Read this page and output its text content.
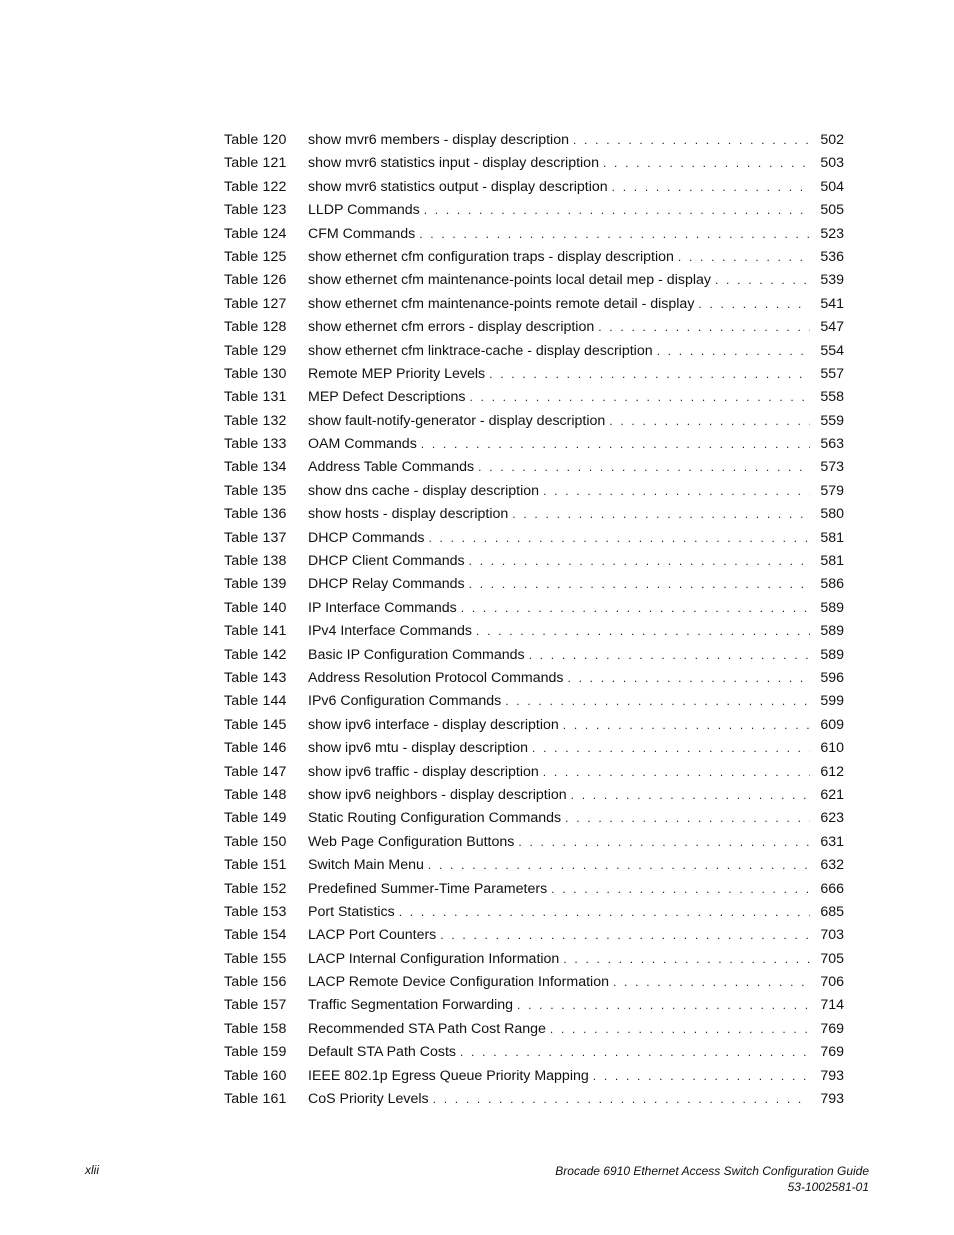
Table 120	show mvr6 members - display description . . .	502
Table 121	show mvr6 statistics input - display description . . .	503
Table 122	show mvr6 statistics output - display description . . .	504
Table 123	LLDP Commands . . .	505
Table 124	CFM Commands . . .	523
Table 125	show ethernet cfm configuration traps - display description . . .	536
Table 126	show ethernet cfm maintenance-points local detail mep - display . . .	539
Table 127	show ethernet cfm maintenance-points remote detail - display . . .	541
Table 128	show ethernet cfm errors - display description . . .	547
Table 129	show ethernet cfm linktrace-cache - display description . . .	554
Table 130	Remote MEP Priority Levels . . .	557
Table 131	MEP Defect Descriptions . . .	558
Table 132	show fault-notify-generator - display description . . .	559
Table 133	OAM Commands . . .	563
Table 134	Address Table Commands . . .	573
Table 135	show dns cache - display description . . .	579
Table 136	show hosts - display description . . .	580
Table 137	DHCP Commands . . .	581
Table 138	DHCP Client Commands . . .	581
Table 139	DHCP Relay Commands . . .	586
Table 140	IP Interface Commands . . .	589
Table 141	IPv4 Interface Commands . . .	589
Table 142	Basic IP Configuration Commands . . .	589
Table 143	Address Resolution Protocol Commands . . .	596
Table 144	IPv6 Configuration Commands . . .	599
Table 145	show ipv6 interface - display description . . .	609
Table 146	show ipv6 mtu - display description . . .	610
Table 147	show ipv6 traffic - display description . . .	612
Table 148	show ipv6 neighbors - display description . . .	621
Table 149	Static Routing Configuration Commands . . .	623
Table 150	Web Page Configuration Buttons . . .	631
Table 151	Switch Main Menu . . .	632
Table 152	Predefined Summer-Time Parameters . . .	666
Table 153	Port Statistics . . .	685
Table 154	LACP Port Counters . . .	703
Table 155	LACP Internal Configuration Information . . .	705
Table 156	LACP Remote Device Configuration Information . . .	706
Table 157	Traffic Segmentation Forwarding . . .	714
Table 158	Recommended STA Path Cost Range . . .	769
Table 159	Default STA Path Costs . . .	769
Table 160	IEEE 802.1p Egress Queue Priority Mapping . . .	793
Table 161	CoS Priority Levels . . .	793
xlii	Brocade 6910 Ethernet Access Switch Configuration Guide
53-1002581-01
